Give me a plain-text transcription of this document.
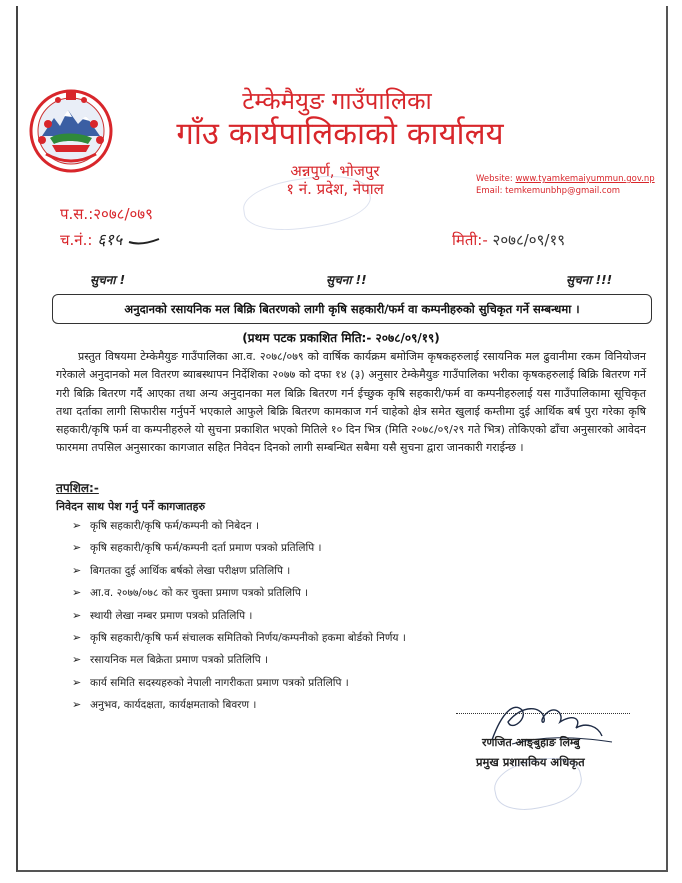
टेम्केमैयुङ गाउँपालिका
गाँउ कार्यपालिकाको कार्यालय
अन्नपुर्ण, भोजपुर
१ नं. प्रदेश, नेपाल
Website: www.tyamkemaiyummun.gov.np
Email: temkemunbhp@gmail.com
प.स.:२०७८/०७९
च.नं.: ६१५	मिती:- २०७८/०९/१९
सुचना !	सुचना !!	सुचना !!!
अनुदानको रसायनिक मल बिक्रि बितरणको लागी कृषि सहकारी/फर्म वा कम्पनीहरुको सुचिकृत गर्ने सम्बन्धमा ।
(प्रथम पटक प्रकाशित मिति:- २०७८/०९/१९)
प्रस्तुत विषयमा टेम्केमैयुङ गाउँपालिका आ.व. २०७८/०७९ को वार्षिक कार्यक्रम बमोजिम कृषकहरुलाई रसायनिक मल ढुवानीमा रकम विनियोजन गरेकाले अनुदानको मल वितरण ब्याबस्थापन निर्देशिका २०७७ को दफा १४ (३) अनुसार टेम्केमैयुङ गाउँपालिका भरीका कृषकहरुलाई बिक्रि बितरण गर्ने गरी बिक्रि बितरण गर्दै आएका तथा अन्य अनुदानका मल बिक्रि बितरण गर्न ईच्छुक कृषि सहकारी/फर्म वा कम्पनीहरुलाई यस गाउँपालिकामा सूचिकृत तथा दर्ताका लागी सिफारीस गर्नुपर्ने भएकाले आफुले बिक्रि बितरण कामकाज गर्न चाहेको क्षेत्र समेत खुलाई कम्तीमा दुई आर्थिक बर्ष पुरा गरेका कृषि सहकारी/कृषि फर्म वा कम्पनीहरुले यो सुचना प्रकाशित भएको मितिले १० दिन भित्र (मिति २०७८/०९/२९ गते भित्र) तोकिएको ढाँचा अनुसारको आवेदन फारममा तपसिल अनुसारका कागजात सहित निवेदन दिनको लागी सम्बन्धित सबैमा यसै सुचना द्वारा जानकारी गराईन्छ ।
तपशिल:-
निवेदन साथ पेश गर्नु पर्ने कागजातहरु
➢ कृषि सहकारी/कृषि फर्म/कम्पनी को निबेदन ।
➢ कृषि सहकारी/कृषि फर्म/कम्पनी दर्ता प्रमाण पत्रको प्रतिलिपि ।
➢ बिगतका दुई आर्थिक बर्षको लेखा परीक्षण प्रतिलिपि ।
➢ आ.व. २०७७/०७८ को कर चुक्ता प्रमाण पत्रको प्रतिलिपि ।
➢ स्थायी लेखा नम्बर प्रमाण पत्रको प्रतिलिपि ।
➢ कृषि सहकारी/कृषि फर्म संचालक समितिको निर्णय/कम्पनीको हकमा बोर्डको निर्णय ।
➢ रसायनिक मल बिक्रेता प्रमाण पत्रको प्रतिलिपि ।
➢ कार्य समिति सदस्यहरुको नेपाली नागरीकता प्रमाण पत्रको प्रतिलिपि ।
➢ अनुभव, कार्यदक्षता, कार्यक्षमताको बिवरण ।
रणजित आङ्बुहाङ लिम्बु
प्रमुख प्रशासकिय अधिकृत
